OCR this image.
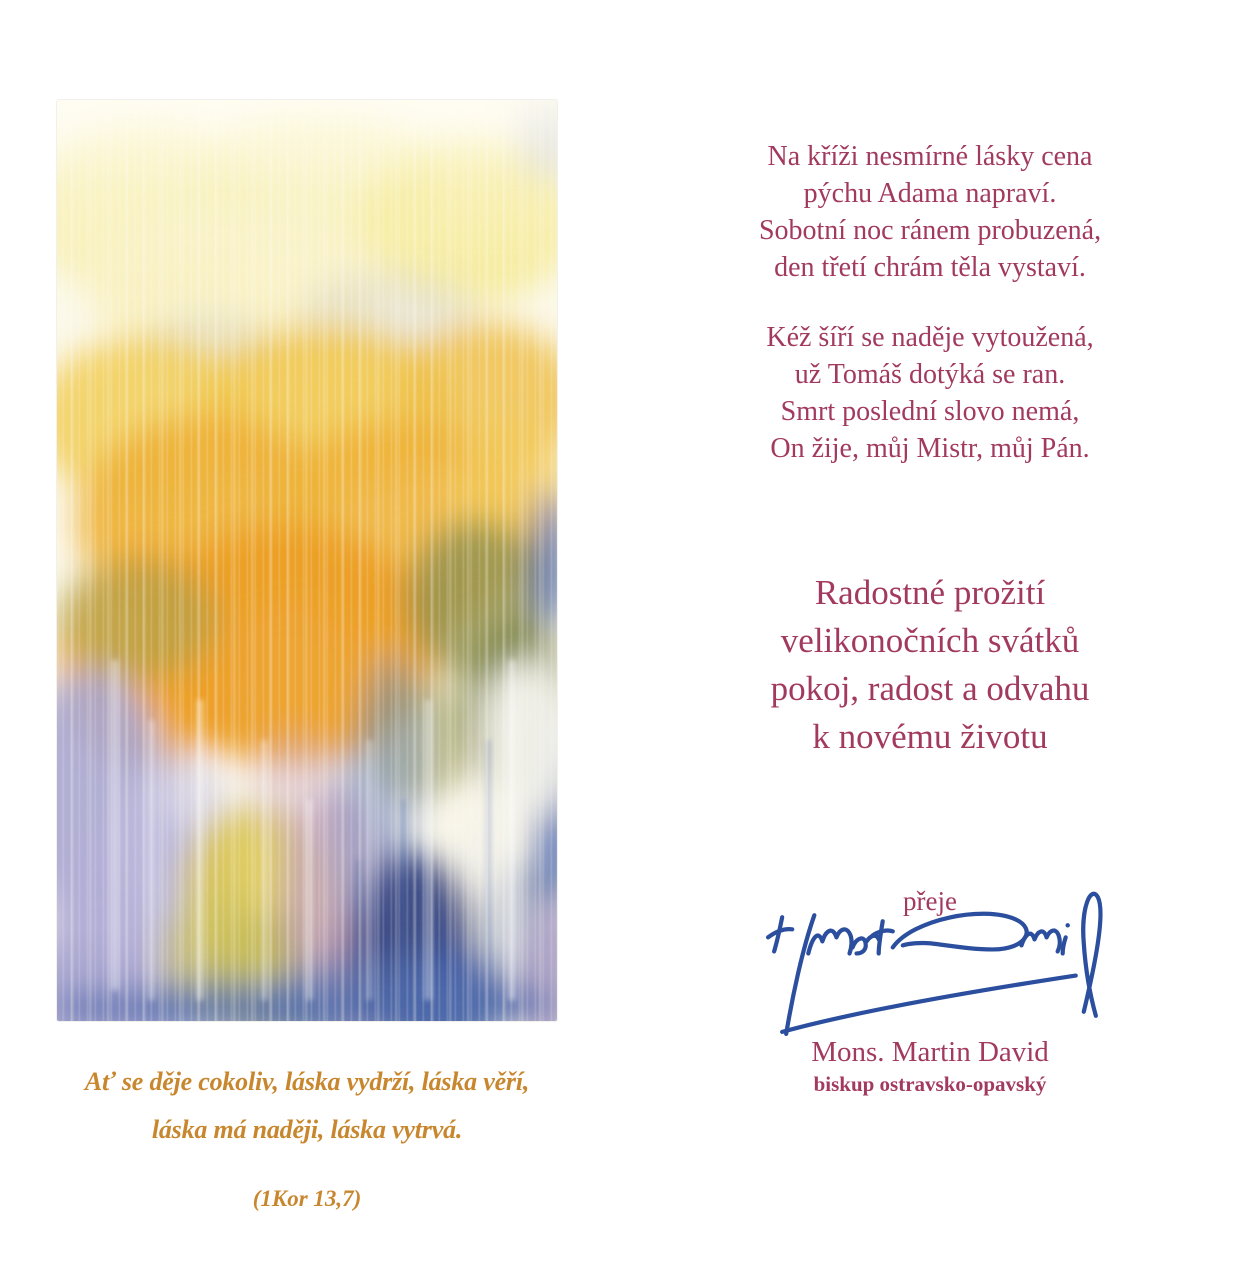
Ať se děje cokoliv, láska vydrží, láska věří,
láska má naději, láska vytrvá.
(1Kor 13,7)
Na kříži nesmírné lásky cena
pýchu Adama napraví.
Sobotní noc ránem probuzená,
den třetí chrám těla vystaví.
Kéž šíří se naděje vytoužená,
už Tomáš dotýká se ran.
Smrt poslední slovo nemá,
On žije, můj Mistr, můj Pán.
Radostné prožití
velikonočních svátků
pokoj, radost a odvahu
k novému životu
přeje
Mons. Martin David
biskup ostravsko-opavský
